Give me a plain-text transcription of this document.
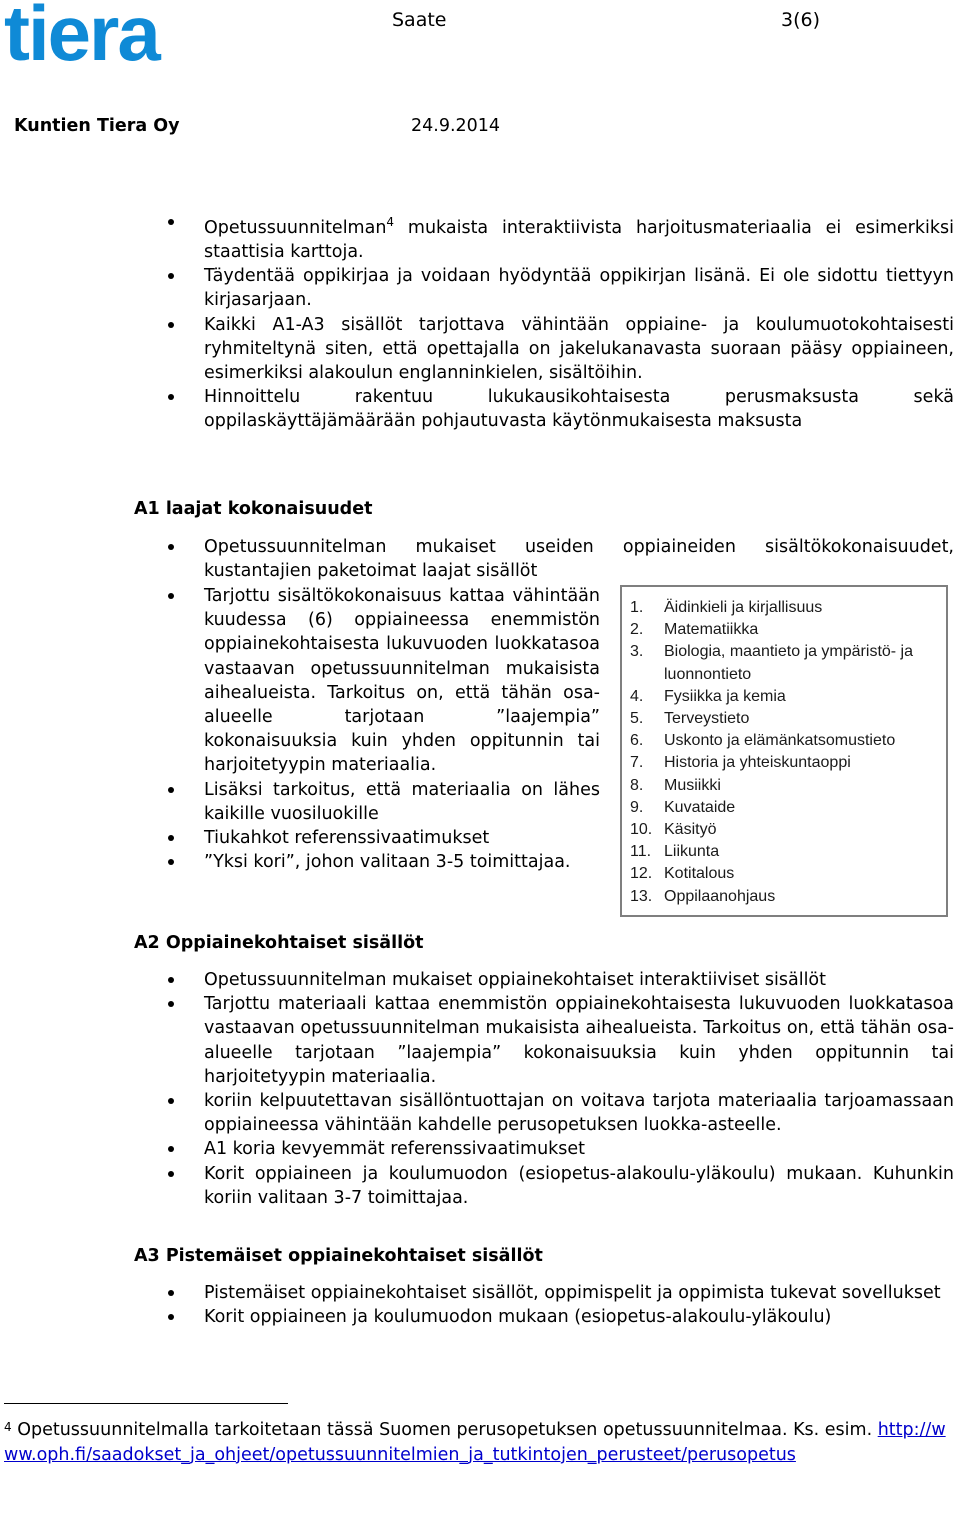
tiera	Saate	3(6)
Kuntien Tiera Oy	24.9.2014
Opetussuunnitelman$^4$ mukaista interaktiivista harjoitusmateriaalia ei esimerkiksi staattisia karttoja.
Täydentää oppikirjaa ja voidaan hyödyntää oppikirjan lisänä. Ei ole sidottu tiettyyn kirjasarjaan.
Kaikki A1-A3 sisällöt tarjottava vähintään oppiaine- ja koulumuotokohtaisesti ryhmiteltynä siten, että opettajalla on jakelukanavasta suoraan pääsy oppiaineen, esimerkiksi alakoulun englanninkielen, sisältöihin.
Hinnoittelu rakentuu lukukausikohtaisesta perusmaksusta sekä oppilaskäyttäjämäärään pohjautuvasta käytönmukaisesta maksusta
A1 laajat kokonaisuudet
Opetussuunnitelman mukaiset useiden oppiaineiden sisältökokonaisuudet, kustantajien paketoimat laajat sisällöt
Tarjottu sisältökokonaisuus kattaa vähintään kuudessa (6) oppiaineessa enemmistön oppiainekohtaisesta lukuvuoden luokkatasoa vastaavan opetussuunnitelman mukaisista aihealueista. Tarkoitus on, että tähän osa-alueelle tarjotaan ”laajempia” kokonaisuuksia kuin yhden oppitunnin tai harjoitetyypin materiaalia.
Lisäksi tarkoitus, että materiaalia on lähes kaikille vuosiluokille
Tiukahkot referenssivaatimukset
”Yksi kori”, johon valitaan 3-5 toimittajaa.
1. Äidinkieli ja kirjallisuus
2. Matematiikka
3. Biologia, maantieto ja ympäristö- ja luonnontieto
4. Fysiikka ja kemia
5. Terveystieto
6. Uskonto ja elämänkatsomustieto
7. Historia ja yhteiskuntaoppi
8. Musiikki
9. Kuvataide
10. Käsityö
11. Liikunta
12. Kotitalous
13. Oppilaanohjaus
A2 Oppiainekohtaiset sisällöt
Opetussuunnitelman mukaiset oppiainekohtaiset interaktiiviset sisällöt
Tarjottu materiaali kattaa enemmistön oppiainekohtaisesta lukuvuoden luokkatasoa vastaavan opetussuunnitelman mukaisista aihealueista. Tarkoitus on, että tähän osa-alueelle tarjotaan ”laajempia” kokonaisuuksia kuin yhden oppitunnin tai harjoitetyypin materiaalia.
koriin kelpuutettavan sisällöntuottajan on voitava tarjota materiaalia tarjoamassaan oppiaineessa vähintään kahdelle perusopetuksen luokka-asteelle.
A1 koria kevyemmät referenssivaatimukset
Korit oppiaineen ja koulumuodon (esiopetus-alakoulu-yläkoulu) mukaan. Kuhunkin koriin valitaan 3-7 toimittajaa.
A3 Pistemäiset oppiainekohtaiset sisällöt
Pistemäiset oppiainekohtaiset sisällöt, oppimispelit ja oppimista tukevat sovellukset
Korit oppiaineen ja koulumuodon mukaan (esiopetus-alakoulu-yläkoulu)
$^4$ Opetussuunnitelmalla tarkoitetaan tässä Suomen perusopetuksen opetussuunnitelmaa. Ks. esim. http://www.oph.fi/saadokset_ja_ohjeet/opetussuunnitelmien_ja_tutkintojen_perusteet/perusopetus
